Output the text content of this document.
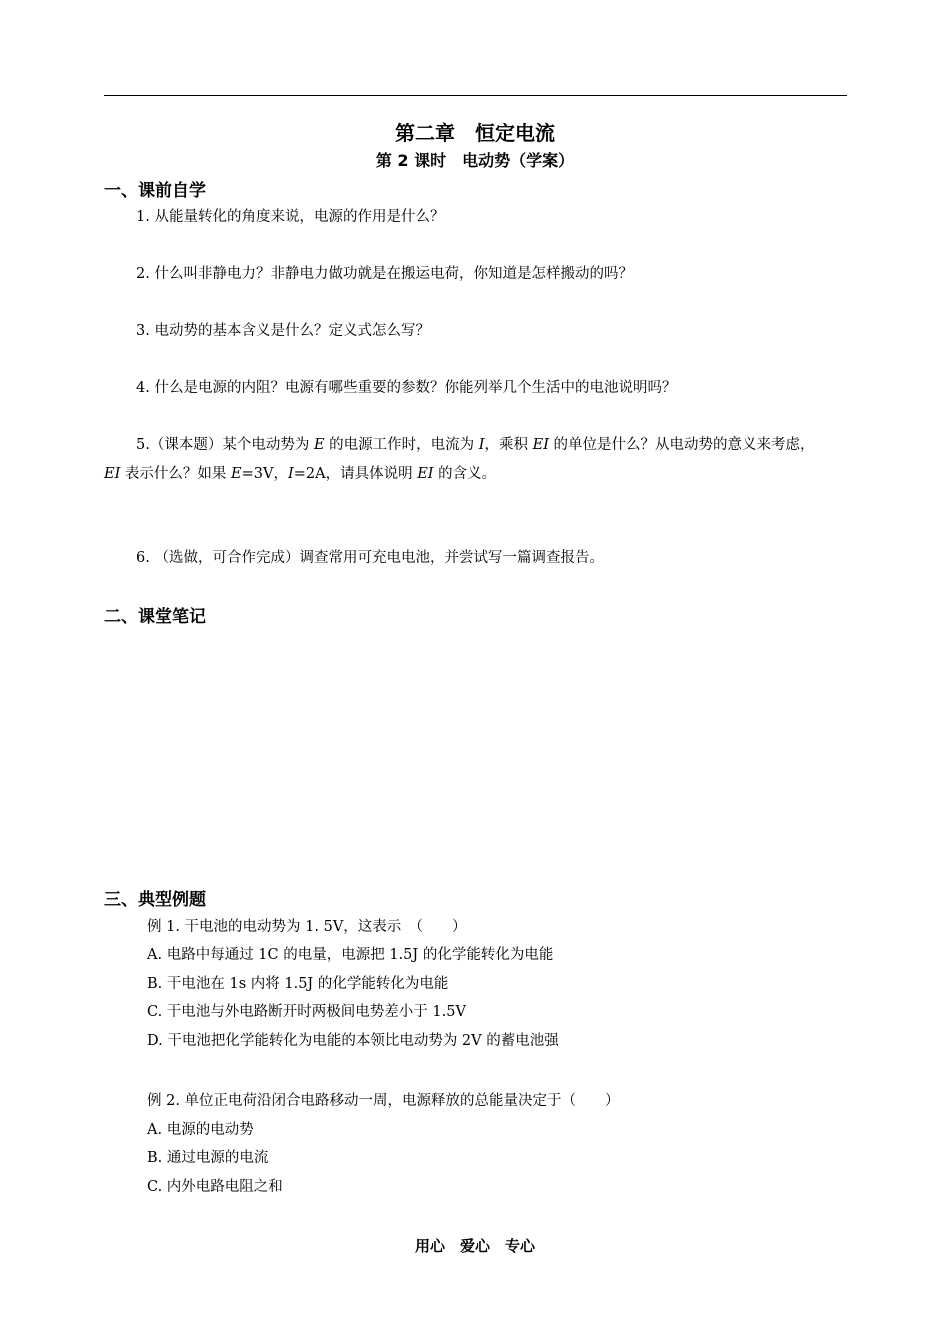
第二章　恒定电流
第 2 课时　电动势（学案）
一、课前自学
1. 从能量转化的角度来说，电源的作用是什么？
2. 什么叫非静电力？非静电力做功就是在搬运电荷，你知道是怎样搬动的吗？
3. 电动势的基本含义是什么？定义式怎么写？
4. 什么是电源的内阻？电源有哪些重要的参数？你能列举几个生活中的电池说明吗？
5.（课本题）某个电动势为 E 的电源工作时，电流为 I，乘积 EI 的单位是什么？从电动势的意义来考虑，
EI 表示什么？如果 E=3V，I=2A，请具体说明 EI 的含义。
6. （选做，可合作完成）调查常用可充电电池，并尝试写一篇调查报告。
二、课堂笔记
三、典型例题
例 1. 干电池的电动势为 1. 5V，这表示　（　　）
A. 电路中每通过 1C 的电量，电源把 1.5J 的化学能转化为电能
B. 干电池在 1s 内将 1.5J 的化学能转化为电能
C. 干电池与外电路断开时两极间电势差小于 1.5V
D. 干电池把化学能转化为电能的本领比电动势为 2V 的蓄电池强
例 2. 单位正电荷沿闭合电路移动一周，电源释放的总能量决定于（　　）
A. 电源的电动势
B. 通过电源的电流
C. 内外电路电阻之和
用心　爱心　专心
